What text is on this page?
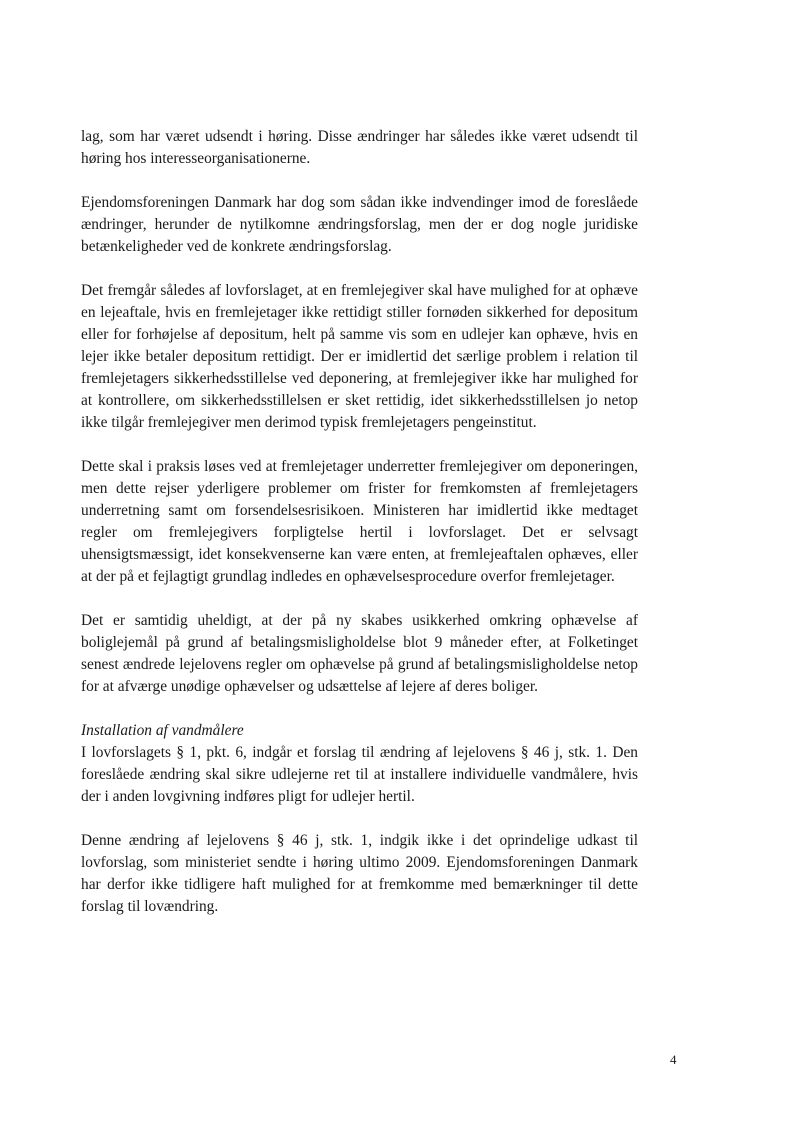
lag, som har været udsendt i høring. Disse ændringer har således ikke været udsendt til høring hos interesseorganisationerne.

Ejendomsforeningen Danmark har dog som sådan ikke indvendinger imod de foreslåede ændringer, herunder de nytilkomne ændringsforslag, men der er dog nogle juridiske betænkeligheder ved de konkrete ændringsforslag.

Det fremgår således af lovforslaget, at en fremlejegiver skal have mulighed for at ophæve en lejeaftale, hvis en fremlejetager ikke rettidigt stiller fornøden sikkerhed for depositum eller for forhøjelse af depositum, helt på samme vis som en udlejer kan ophæve, hvis en lejer ikke betaler depositum rettidigt. Der er imidlertid det særlige problem i relation til fremlejetagers sikkerhedsstillelse ved deponering, at fremlejegiver ikke har mulighed for at kontrollere, om sikkerhedsstillelsen er sket rettidig, idet sikkerhedsstillelsen jo netop ikke tilgår fremlejegiver men derimod typisk fremlejetagers pengeinstitut.

Dette skal i praksis løses ved at fremlejetager underretter fremlejegiver om deponeringen, men dette rejser yderligere problemer om frister for fremkomsten af fremlejetagers underretning samt om forsendelsesrisikoen. Ministeren har imidlertid ikke medtaget regler om fremlejegivers forpligtelse hertil i lovforslaget. Det er selvsagt uhensigtsmæssigt, idet konsekvenserne kan være enten, at fremlejeaftalen ophæves, eller at der på et fejlagtigt grundlag indledes en ophævelsesprocedure overfor fremlejetager.

Det er samtidig uheldigt, at der på ny skabes usikkerhed omkring ophævelse af boliglejemål på grund af betalingsmisligholdelse blot 9 måneder efter, at Folketinget senest ændrede lejelovens regler om ophævelse på grund af betalingsmisligholdelse netop for at afværge unødige ophævelser og udsættelse af lejere af deres boliger.

Installation af vandmålere

I lovforslagets § 1, pkt. 6, indgår et forslag til ændring af lejelovens § 46 j, stk. 1. Den foreslåede ændring skal sikre udlejerne ret til at installere individuelle vandmålere, hvis der i anden lovgivning indføres pligt for udlejer hertil.

Denne ændring af lejelovens § 46 j, stk. 1, indgik ikke i det oprindelige udkast til lovforslag, som ministeriet sendte i høring ultimo 2009. Ejendomsforeningen Danmark har derfor ikke tidligere haft mulighed for at fremkomme med bemærkninger til dette forslag til lovændring.

4
